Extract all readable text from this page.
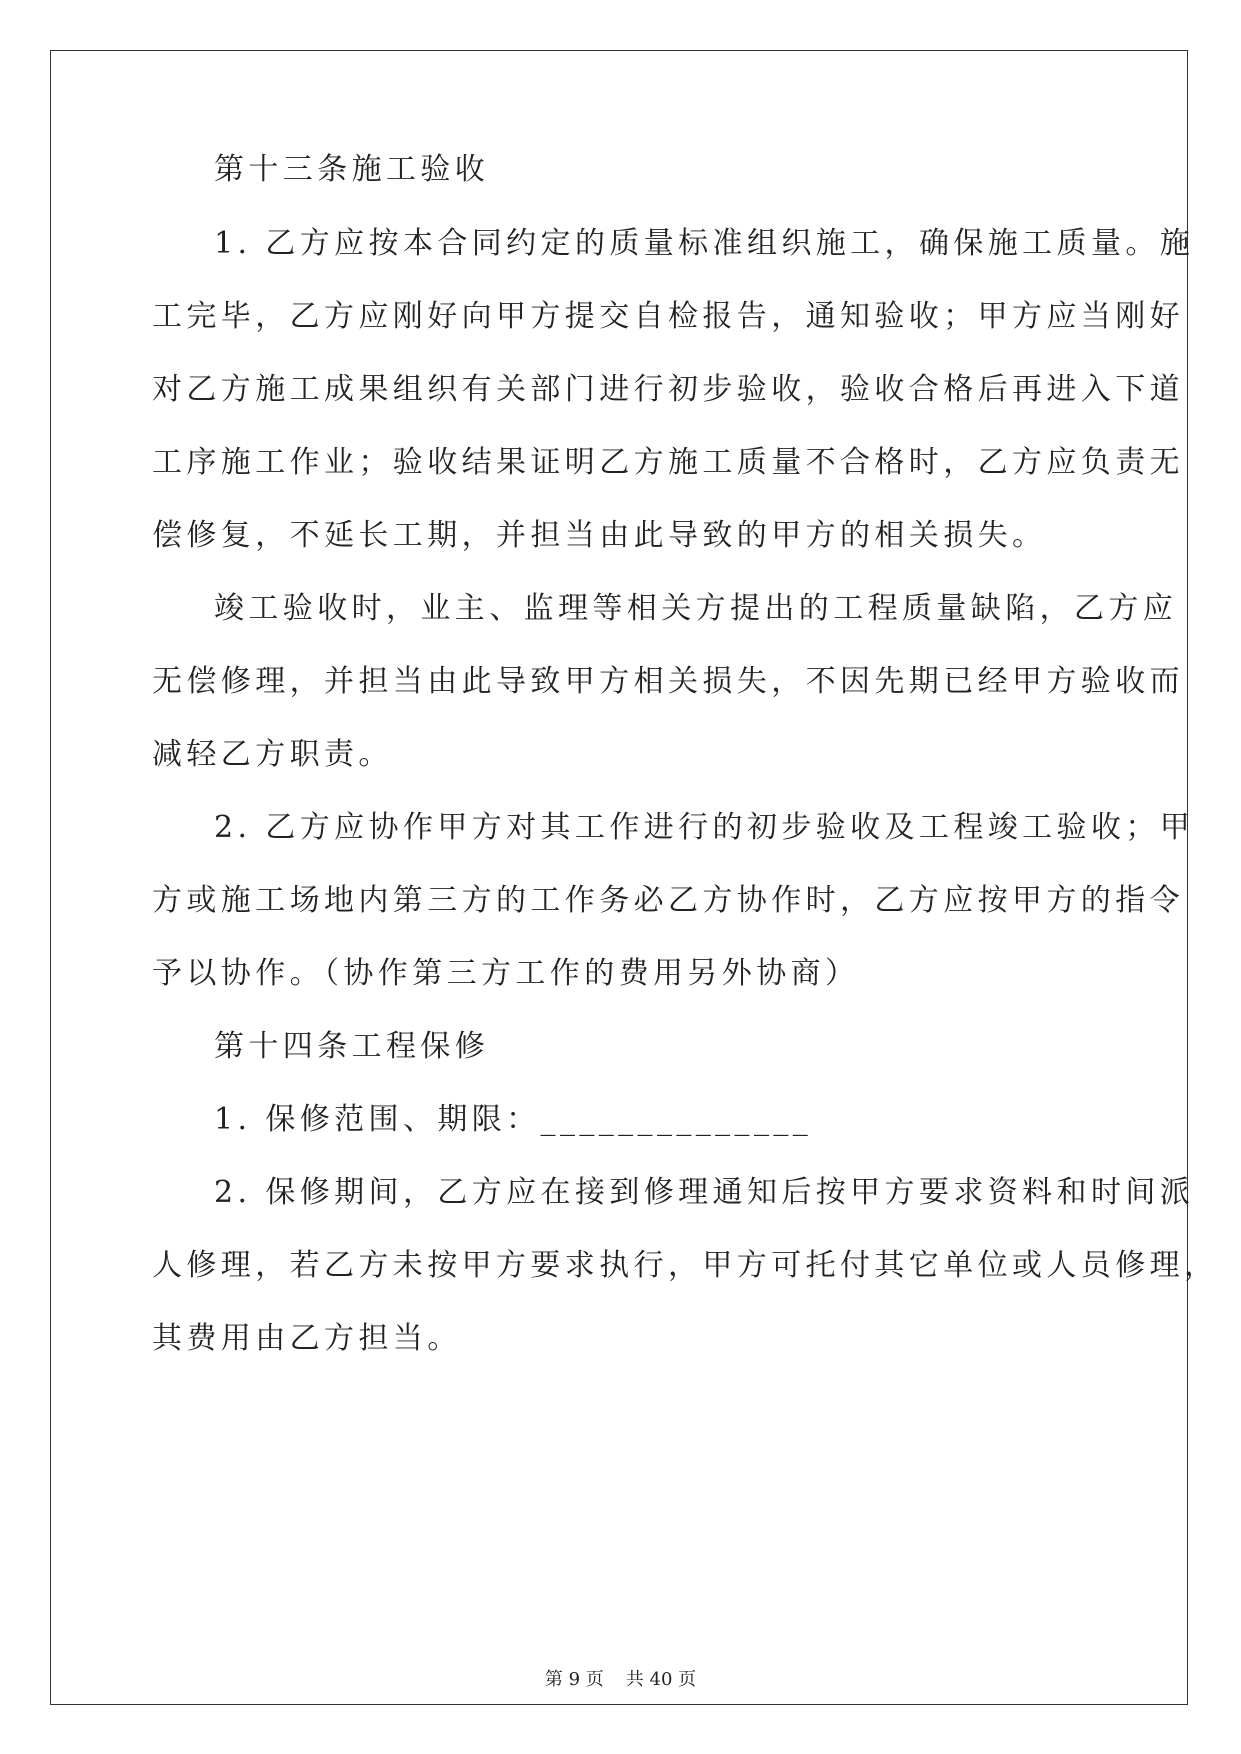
第十三条施工验收
1. 乙方应按本合同约定的质量标准组织施工，确保施工质量。施
工完毕，乙方应刚好向甲方提交自检报告，通知验收；甲方应当刚好
对乙方施工成果组织有关部门进行初步验收，验收合格后再进入下道
工序施工作业；验收结果证明乙方施工质量不合格时，乙方应负责无
偿修复，不延长工期，并担当由此导致的甲方的相关损失。
竣工验收时，业主、监理等相关方提出的工程质量缺陷，乙方应
无偿修理，并担当由此导致甲方相关损失，不因先期已经甲方验收而
减轻乙方职责。
2. 乙方应协作甲方对其工作进行的初步验收及工程竣工验收；甲
方或施工场地内第三方的工作务必乙方协作时，乙方应按甲方的指令
予以协作。（协作第三方工作的费用另外协商）
第十四条工程保修
1. 保修范围、期限：______________
2. 保修期间，乙方应在接到修理通知后按甲方要求资料和时间派
人修理，若乙方未按甲方要求执行，甲方可托付其它单位或人员修理，
其费用由乙方担当。
第 9 页 共 40 页
